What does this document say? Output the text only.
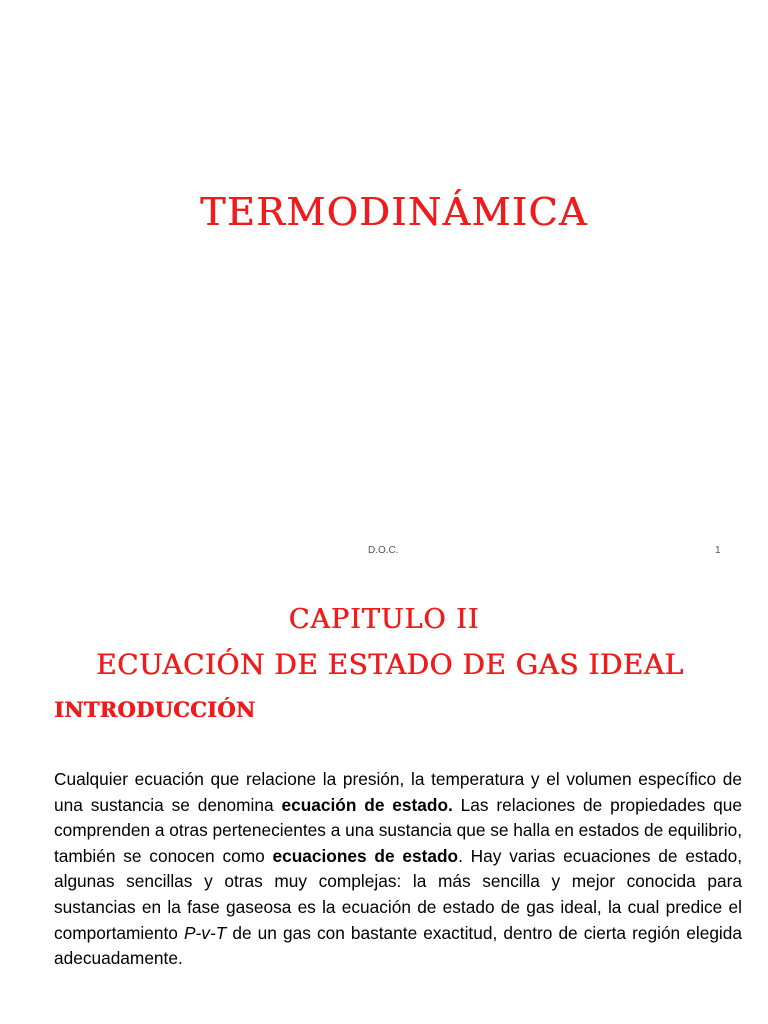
TERMODINÁMICA
D.O.C.	1
CAPITULO II
ECUACIÓN DE ESTADO DE GAS IDEAL
INTRODUCCIÓN

Cualquier ecuación que relacione la presión, la temperatura y el volumen específico de una sustancia se denomina ecuación de estado. Las relaciones de propiedades que comprenden a otras pertenecientes a una sustancia que se halla en estados de equilibrio, también se conocen como ecuaciones de estado. Hay varias ecuaciones de estado, algunas sencillas y otras muy complejas: la más sencilla y mejor conocida para sustancias en la fase gaseosa es la ecuación de estado de gas ideal, la cual predice el comportamiento P-v-T de un gas con bastante exactitud, dentro de cierta región elegida adecuadamente.
